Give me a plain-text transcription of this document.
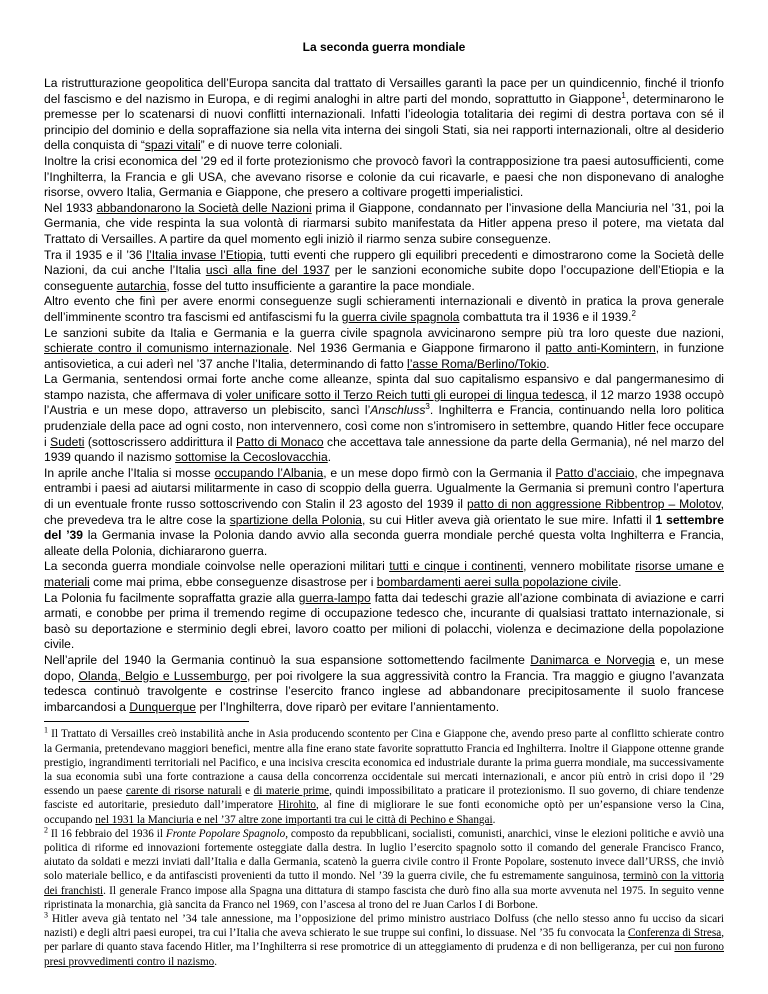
La seconda guerra mondiale

La ristrutturazione geopolitica dell’Europa sancita dal trattato di Versailles garantì la pace per un quindicennio, finché il trionfo del fascismo e del nazismo in Europa, e di regimi analoghi in altre parti del mondo, soprattutto in Giappone$^1$, determinarono le premesse per lo scatenarsi di nuovi conflitti internazionali. Infatti l’ideologia totalitaria dei regimi di destra portava con sé il principio del dominio e della sopraffazione sia nella vita interna dei singoli Stati, sia nei rapporti internazionali, oltre al desiderio della conquista di “spazi vitali” e di nuove terre coloniali.

Inoltre la crisi economica del ’29 ed il forte protezionismo che provocò favorì la contrapposizione tra paesi autosufficienti, come l’Inghilterra, la Francia e gli USA, che avevano risorse e colonie da cui ricavarle, e paesi che non disponevano di analoghe risorse, ovvero Italia, Germania e Giappone, che presero a coltivare progetti imperialistici.

Nel 1933 abbandonarono la Società delle Nazioni prima il Giappone, condannato per l’invasione della Manciuria nel ’31, poi la Germania, che vide respinta la sua volontà di riarmarsi subito manifestata da Hitler appena preso il potere, ma vietata dal Trattato di Versailles. A partire da quel momento egli iniziò il riarmo senza subire conseguenze.

Tra il 1935 e il ’36 l’Italia invase l’Etiopia, tutti eventi che ruppero gli equilibri precedenti e dimostrarono come la Società delle Nazioni, da cui anche l’Italia uscì alla fine del 1937 per le sanzioni economiche subite dopo l’occupazione dell’Etiopia e la conseguente autarchia, fosse del tutto insufficiente a garantire la pace mondiale.

Altro evento che finì per avere enormi conseguenze sugli schieramenti internazionali e diventò in pratica la prova generale dell’imminente scontro tra fascismi ed antifascismi fu la guerra civile spagnola combattuta tra il 1936 e il 1939.$^2$

Le sanzioni subite da Italia e Germania e la guerra civile spagnola avvicinarono sempre più tra loro queste due nazioni, schierate contro il comunismo internazionale. Nel 1936 Germania e Giappone firmarono il patto anti-Komintern, in funzione antisovietica, a cui aderì nel ’37 anche l’Italia, determinando di fatto l’asse Roma/Berlino/Tokio.

La Germania, sentendosi ormai forte anche come alleanze, spinta dal suo capitalismo espansivo e dal pangermanesimo di stampo nazista, che affermava di voler unificare sotto il Terzo Reich tutti gli europei di lingua tedesca, il 12 marzo 1938 occupò l’Austria e un mese dopo, attraverso un plebiscito, sancì l’Anschluss$^3$. Inghilterra e Francia, continuando nella loro politica prudenziale della pace ad ogni costo, non intervennero, così come non s’intromisero in settembre, quando Hitler fece occupare i Sudeti (sottoscrissero addirittura il Patto di Monaco che accettava tale annessione da parte della Germania), né nel marzo del 1939 quando il nazismo sottomise la Cecoslovacchia.

In aprile anche l’Italia si mosse occupando l’Albania, e un mese dopo firmò con la Germania il Patto d’acciaio, che impegnava entrambi i paesi ad aiutarsi militarmente in caso di scoppio della guerra. Ugualmente la Germania si premunì contro l’apertura di un eventuale fronte russo sottoscrivendo con Stalin il 23 agosto del 1939 il patto di non aggressione Ribbentrop – Molotov, che prevedeva tra le altre cose la spartizione della Polonia, su cui Hitler aveva già orientato le sue mire. Infatti il 1 settembre del ’39 la Germania invase la Polonia dando avvio alla seconda guerra mondiale perché questa volta Inghilterra e Francia, alleate della Polonia, dichiararono guerra.

La seconda guerra mondiale coinvolse nelle operazioni militari tutti e cinque i continenti, vennero mobilitate risorse umane e materiali come mai prima, ebbe conseguenze disastrose per i bombardamenti aerei sulla popolazione civile.

La Polonia fu facilmente sopraffatta grazie alla guerra-lampo fatta dai tedeschi grazie all’azione combinata di aviazione e carri armati, e conobbe per prima il tremendo regime di occupazione tedesco che, incurante di qualsiasi trattato internazionale, si basò su deportazione e sterminio degli ebrei, lavoro coatto per milioni di polacchi, violenza e decimazione della popolazione civile.

Nell’aprile del 1940 la Germania continuò la sua espansione sottomettendo facilmente Danimarca e Norvegia e, un mese dopo, Olanda, Belgio e Lussemburgo, per poi rivolgere la sua aggressività contro la Francia. Tra maggio e giugno l’avanzata tedesca continuò travolgente e costrinse l’esercito franco inglese ad abbandonare precipitosamente il suolo francese imbarcandosi a Dunquerque per l’Inghilterra, dove riparò per evitare l’annientamento.

$^1$ Il Trattato di Versailles creò instabilità anche in Asia producendo scontento per Cina e Giappone che, avendo preso parte al conflitto schierate contro la Germania, pretendevano maggiori benefici, mentre alla fine erano state favorite soprattutto Francia ed Inghilterra. Inoltre il Giappone ottenne grande prestigio, ingrandimenti territoriali nel Pacifico, e una incisiva crescita economica ed industriale durante la prima guerra mondiale, ma successivamente la sua economia subì una forte contrazione a causa della concorrenza occidentale sui mercati internazionali, e ancor più entrò in crisi dopo il ’29 essendo un paese carente di risorse naturali e di materie prime, quindi impossibilitato a praticare il protezionismo. Il suo governo, di chiare tendenze fasciste ed autoritarie, presieduto dall’imperatore Hirohito, al fine di migliorare le sue fonti economiche optò per un’espansione verso la Cina, occupando nel 1931 la Manciuria e nel ’37 altre zone importanti tra cui le città di Pechino e Shangai.

$^2$ Il 16 febbraio del 1936 il Fronte Popolare Spagnolo, composto da repubblicani, socialisti, comunisti, anarchici, vinse le elezioni politiche e avviò una politica di riforme ed innovazioni fortemente osteggiate dalla destra. In luglio l’esercito spagnolo sotto il comando del generale Francisco Franco, aiutato da soldati e mezzi inviati dall’Italia e dalla Germania, scatenò la guerra civile contro il Fronte Popolare, sostenuto invece dall’URSS, che inviò solo materiale bellico, e da antifascisti provenienti da tutto il mondo. Nel ’39 la guerra civile, che fu estremamente sanguinosa, terminò con la vittoria dei franchisti. Il generale Franco impose alla Spagna una dittatura di stampo fascista che durò fino alla sua morte avvenuta nel 1975. In seguito venne ripristinata la monarchia, già sancita da Franco nel 1969, con l’ascesa al trono del re Juan Carlos I di Borbone.

$^3$ Hitler aveva già tentato nel ’34 tale annessione, ma l’opposizione del primo ministro austriaco Dolfuss (che nello stesso anno fu ucciso da sicari nazisti) e degli altri paesi europei, tra cui l’Italia che aveva schierato le sue truppe sui confini, lo dissuase. Nel ’35 fu convocata la Conferenza di Stresa, per parlare di quanto stava facendo Hitler, ma l’Inghilterra si rese promotrice di un atteggiamento di prudenza e di non belligeranza, per cui non furono presi provvedimenti contro il nazismo.
